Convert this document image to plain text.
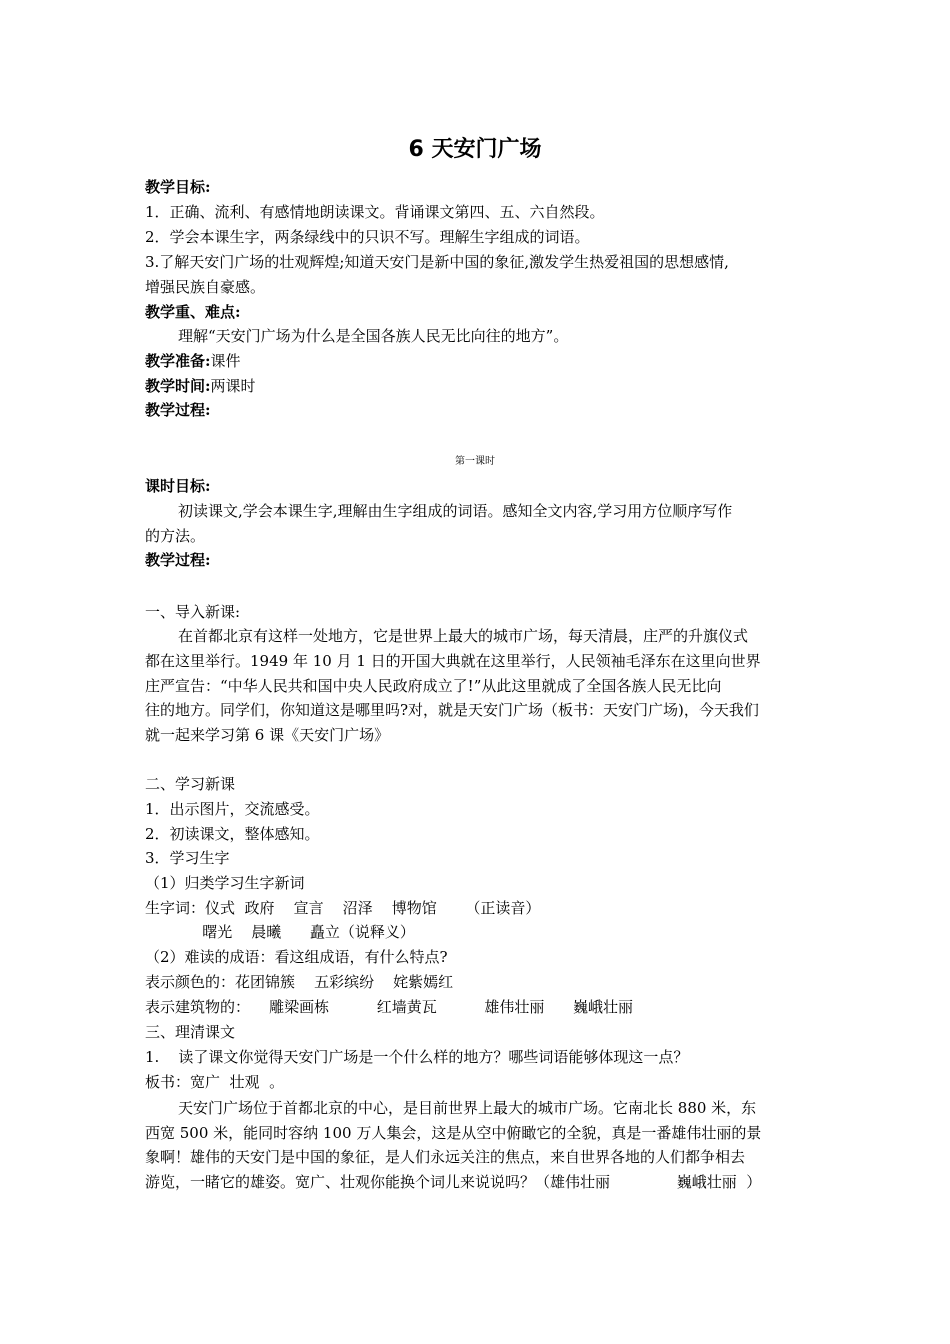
6 天安门广场
教学目标:
1．正确、流利、有感情地朗读课文。背诵课文第四、五、六自然段。
2．学会本课生字，两条绿线中的只识不写。理解生字组成的词语。
3.了解天安门广场的壮观辉煌;知道天安门是新中国的象征,激发学生热爱祖国的思想感情,
增强民族自豪感。
教学重、难点:
理解“天安门广场为什么是全国各族人民无比向往的地方”。
教学准备:课件
教学时间:两课时
教学过程:
第一课时
课时目标:
初读课文,学会本课生字,理解由生字组成的词语。感知全文内容,学习用方位顺序写作
的方法。
教学过程:
一、导入新课:
在首都北京有这样一处地方，它是世界上最大的城市广场，每天清晨，庄严的升旗仪式
都在这里举行。1949 年 10 月 1 日的开国大典就在这里举行，人民领袖毛泽东在这里向世界
庄严宣告：“中华人民共和国中央人民政府成立了!”从此这里就成了全国各族人民无比向
往的地方。同学们，你知道这是哪里吗?对，就是天安门广场（板书：天安门广场)，今天我们
就一起来学习第 6 课《天安门广场》
二、学习新课
1．出示图片，交流感受。
2．初读课文，整体感知。
3．学习生字
（1）归类学习生字新词
生字词：仪式  政府    宣言    沼泽    博物馆      （正读音）
曙光    晨曦      矗立（说释义）
（2）难读的成语：看这组成语，有什么特点?
表示颜色的：花团锦簇    五彩缤纷    姹紫嫣红
表示建筑物的：    雕梁画栋          红墙黄瓦          雄伟壮丽      巍峨壮丽
三、理清课文
1.    读了课文你觉得天安门广场是一个什么样的地方？哪些词语能够体现这一点？
板书：宽广  壮观  。
天安门广场位于首都北京的中心，是目前世界上最大的城市广场。它南北长 880 米，东
西宽 500 米，能同时容纳 100 万人集会，这是从空中俯瞰它的全貌，真是一番雄伟壮丽的景
象啊！雄伟的天安门是中国的象征，是人们永远关注的焦点，来自世界各地的人们都争相去
游览，一睹它的雄姿。宽广、壮观你能换个词儿来说说吗？（雄伟壮丽              巍峨壮丽  ）
